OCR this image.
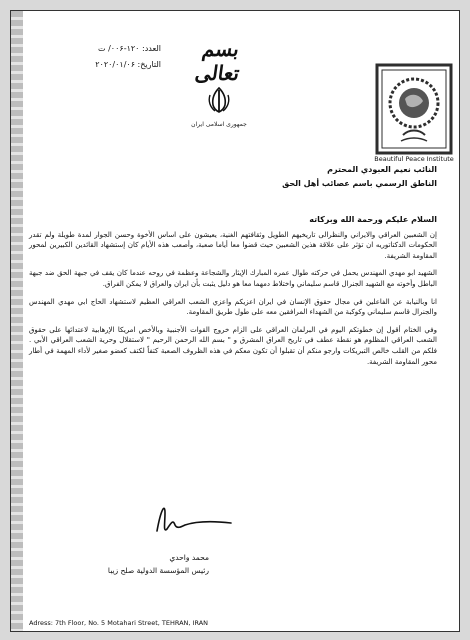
العدد: ۱۲۰-۰۰۶/ ت
التاريخ: ۲۰۲۰/۰۱/۰۶
بسم تعالى
جمهوری اسلامی ایران
Beautiful Peace Institute
النائب نعيم العبودي المحترم
الناطق الرسمي باسم عصائب أهل الحق

السلام عليكم ورحمة الله وبركاته

إن الشعبين العراقي والايراني والنظرالى تاريخيهم الطويل وثقافتهم الغنية، يعيشون على اساس الأخوة وحسن الجوار لمدة طويلة ولم تقدر الحكومات الدكتاتوريه ان تؤثر على علاقة هذين الشعبين حيث قضوا معا أياما صعبة، وأصعب هذه الأيام كان إستشهاد القائدين الكبيرين لمحور المقاومة الشريفة.

الشهيد ابو مهدي المهندس يحمل في حركته طوال عمره المبارك الإيثار والشجاعة وعظمة في روحه عندما كان يقف في جبهة الحق ضد جبهة الباطل وأخوته مع الشهيد الجنرال قاسم سليماني واختلاط دمهما معا هو دليل يثبت بأن ايران والعراق لا يمكن الفراق.

انا وبالنيابة عن الفاعلين في مجال حقوق الإنسان في ايران اعزيكم واعزي الشعب العراقي العظيم لاستشهاد الحاج ابي مهدي المهندس والجنرال قاسم سليماني وكوكبة من الشهداء المرافقين معه على طول طريق المقاومة.

وفي الختام أقول إن خطوتكم اليوم في البرلمان العراقي على الزام خروج القوات الأجنبية وبالأخص امريكا الإرهابية لاعتدائها على حقوق الشعب العراقي المظلوم هو نقطة عطف في تاريخ العراق المشرق و " بسم الله الرحمن الرحيم " لاستقلال وحرية الشعب العراقي الأبي . فلكم من القلب خالص التبريكات وارجو منكم أن تقبلوا أن تكون معكم في هذه الظروف الصعبة كتفاً لكتف كعضو صغير لأداء المهمة في أطار محور المقاومة الشريفة.

محمد واحدي
رئيس المؤسسة الدولية صلح زيبا
Adress: 7th Floor, No. 5 Motahari Street, TEHRAN, IRAN
